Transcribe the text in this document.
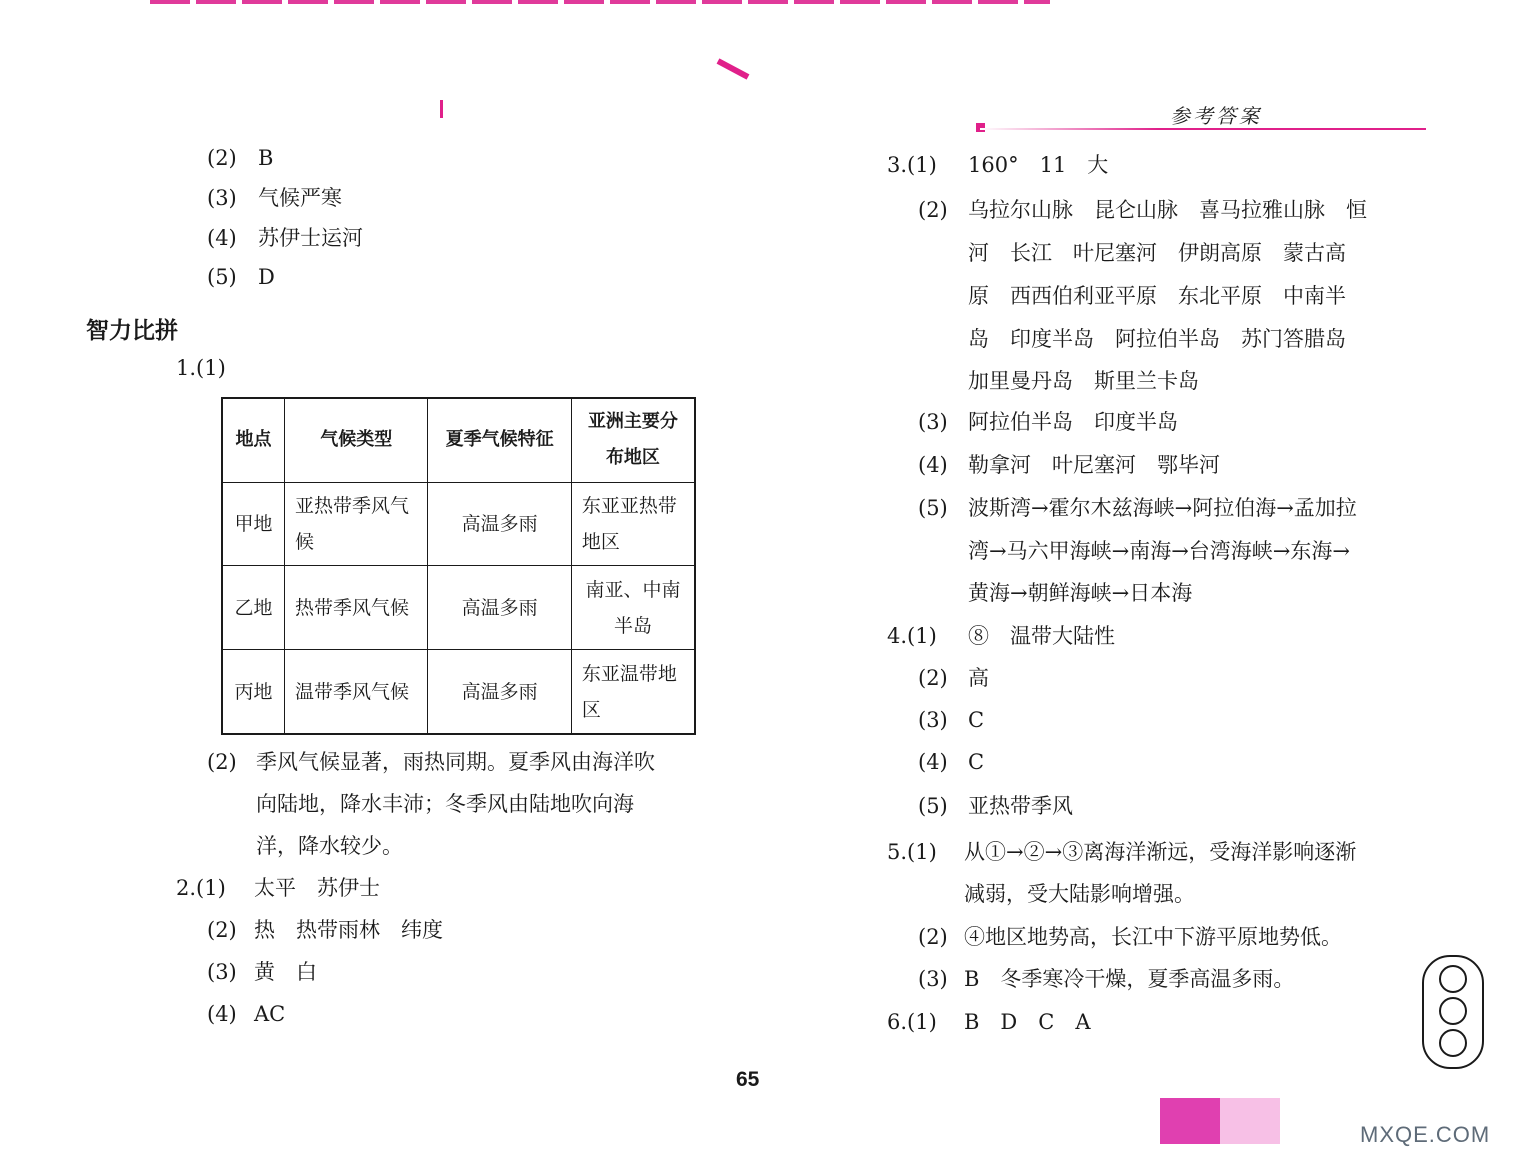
参考答案
(2) B
(3) 气候严寒
(4) 苏伊士运河
(5) D
智力比拼
1.(1)
地点	气候类型	夏季气候特征	亚洲主要分布地区
甲地	亚热带季风气候	高温多雨	东亚亚热带地区
乙地	热带季风气候	高温多雨	南亚、中南半岛
丙地	温带季风气候	高温多雨	东亚温带地区
(2) 季风气候显著，雨热同期。夏季风由海洋吹
向陆地，降水丰沛；冬季风由陆地吹向海
洋，降水较少。
2.(1) 太平　苏伊士
(2) 热　热带雨林　纬度
(3) 黄　白
(4) AC
65
3.(1) 160°　11　大
(2) 乌拉尔山脉　昆仑山脉　喜马拉雅山脉　恒
河　长江　叶尼塞河　伊朗高原　蒙古高
原　西西伯利亚平原　东北平原　中南半
岛　印度半岛　阿拉伯半岛　苏门答腊岛
加里曼丹岛　斯里兰卡岛
(3) 阿拉伯半岛　印度半岛
(4) 勒拿河　叶尼塞河　鄂毕河
(5) 波斯湾→霍尔木兹海峡→阿拉伯海→孟加拉
湾→马六甲海峡→南海→台湾海峡→东海→
黄海→朝鲜海峡→日本海
4.(1) ⑧　温带大陆性
(2) 高
(3) C
(4) C
(5) 亚热带季风
5.(1) 从①→②→③离海洋渐远，受海洋影响逐渐
减弱，受大陆影响增强。
(2) ④地区地势高，长江中下游平原地势低。
(3) B　冬季寒冷干燥，夏季高温多雨。
6.(1) B　D　C　A
MXQE.COM
